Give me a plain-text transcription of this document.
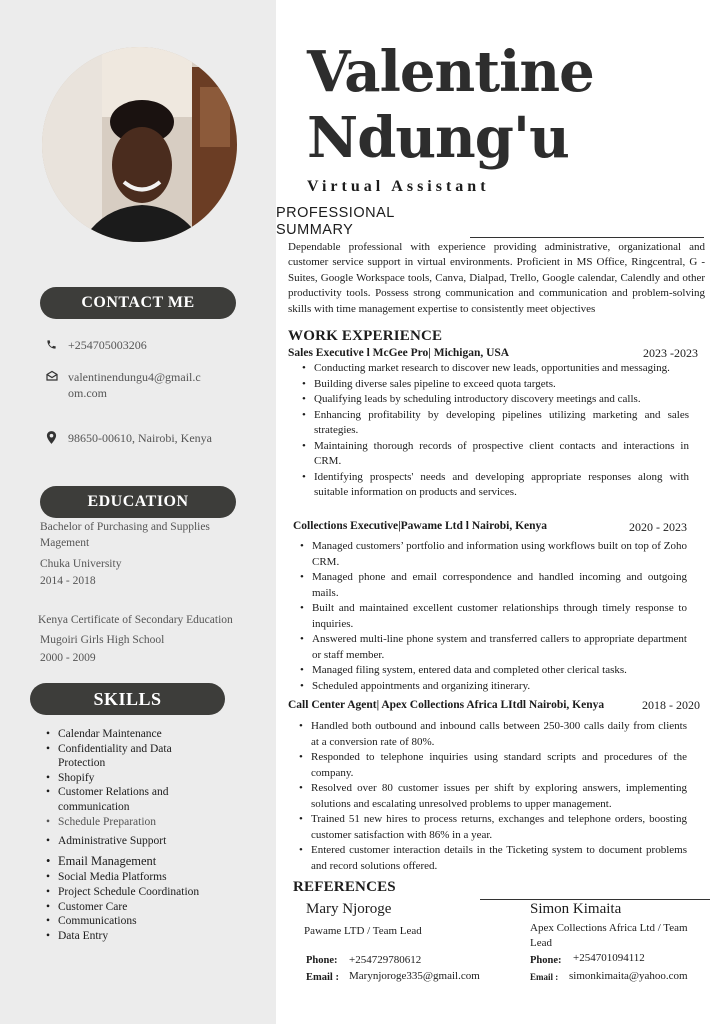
CONTACT ME
+254705003206
valentinendungu4@gmail.c om.com
98650-00610, Nairobi, Kenya
EDUCATION
Bachelor of Purchasing and Supplies Magement
Chuka University
2014 - 2018
Kenya Certificate of Secondary Education
Mugoiri Girls High School
2000 - 2009
SKILLS
• Calendar Maintenance
• Confidentiality and Data Protection
• Shopify
• Customer Relations and communication
• Schedule Preparation
• Administrative Support
• Email Management
• Social Media Platforms
• Project Schedule Coordination
• Customer Care
• Communications
• Data Entry
Valentine
Ndung'u
Virtual Assistant
PROFESSIONAL
SUMMARY
Dependable professional with experience providing administrative, organizational and customer service support in virtual environments. Proficient in MS Office, Ringcentral, G - Suites, Google Workspace tools, Canva, Dialpad, Trello, Google calendar, Calendly and other productivity tools. Possess strong communication and communication and problem-solving skills with time management expertise to consistently meet objectives
WORK EXPERIENCE
Sales Executive l McGee Pro| Michigan, USA	2023 -2023
• Conducting market research to discover new leads, opportunities and messaging.
• Building diverse sales pipeline to exceed quota targets.
• Qualifying leads by scheduling introductory discovery meetings and calls.
• Enhancing profitability by developing pipelines utilizing marketing and sales strategies.
• Maintaining thorough records of prospective client contacts and interactions in CRM.
• Identifying prospects' needs and developing appropriate responses along with suitable information on products and services.
Collections Executive|Pawame Ltd l Nairobi, Kenya	2020 - 2023
• Managed customers’ portfolio and information using workflows built on top of Zoho CRM.
• Managed phone and email correspondence and handled incoming and outgoing mails.
• Built and maintained excellent customer relationships through timely response to inquiries.
• Answered multi-line phone system and transferred callers to appropriate department or staff member.
• Managed filing system, entered data and completed other clerical tasks.
• Scheduled appointments and organizing itinerary.
Call Center Agent| Apex Collections Africa LItdl Nairobi, Kenya	2018 - 2020
• Handled both outbound and inbound calls between 250-300 calls daily from clients at a conversion rate of 80%.
• Responded to telephone inquiries using standard scripts and procedures of the company.
• Resolved over 80 customer issues per shift by exploring answers, implementing solutions and escalating unresolved problems to upper management.
• Trained 51 new hires to process returns, exchanges and telephone orders, boosting customer satisfaction with 86% in a year.
• Entered customer interaction details in the Ticketing system to document problems and record solutions offered.
REFERENCES
Mary Njoroge
Pawame LTD / Team Lead
Phone: +254729780612
Email : Marynjoroge335@gmail.com
Simon Kimaita
Apex Collections Africa Ltd / Team Lead
Phone: +254701094112
Email : simonkimaita@yahoo.com
